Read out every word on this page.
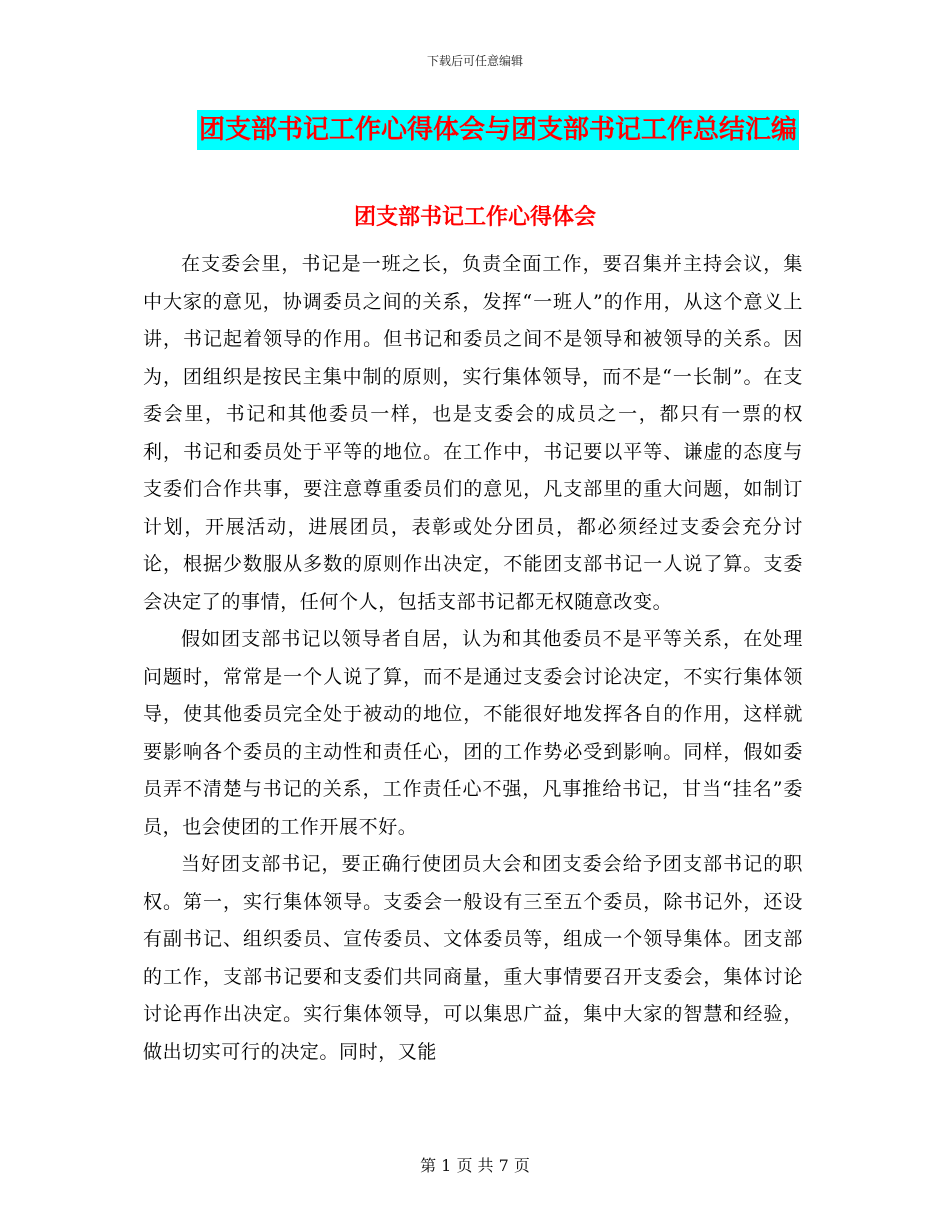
下载后可任意编辑
团支部书记工作心得体会与团支部书记工作总结汇编
团支部书记工作心得体会

在支委会里，书记是一班之长，负责全面工作，要召集并主持会议，集中大家的意见，协调委员之间的关系，发挥“一班人”的作用，从这个意义上讲，书记起着领导的作用。但书记和委员之间不是领导和被领导的关系。因为，团组织是按民主集中制的原则，实行集体领导，而不是“一长制”。在支委会里，书记和其他委员一样，也是支委会的成员之一，都只有一票的权利，书记和委员处于平等的地位。在工作中，书记要以平等、谦虚的态度与支委们合作共事，要注意尊重委员们的意见，凡支部里的重大问题，如制订计划，开展活动，进展团员，表彰或处分团员，都必须经过支委会充分讨论，根据少数服从多数的原则作出决定，不能团支部书记一人说了算。支委会决定了的事情，任何个人，包括支部书记都无权随意改变。

假如团支部书记以领导者自居，认为和其他委员不是平等关系，在处理问题时，常常是一个人说了算，而不是通过支委会讨论决定，不实行集体领导，使其他委员完全处于被动的地位，不能很好地发挥各自的作用，这样就要影响各个委员的主动性和责任心，团的工作势必受到影响。同样，假如委员弄不清楚与书记的关系，工作责任心不强，凡事推给书记，甘当“挂名”委员，也会使团的工作开展不好。

当好团支部书记，要正确行使团员大会和团支委会给予团支部书记的职权。第一，实行集体领导。支委会一般设有三至五个委员，除书记外，还设有副书记、组织委员、宣传委员、文体委员等，组成一个领导集体。团支部的工作，支部书记要和支委们共同商量，重大事情要召开支委会，集体讨论讨论再作出决定。实行集体领导，可以集思广益，集中大家的智慧和经验，做出切实可行的决定。同时，又能

第 1 页 共 7 页
